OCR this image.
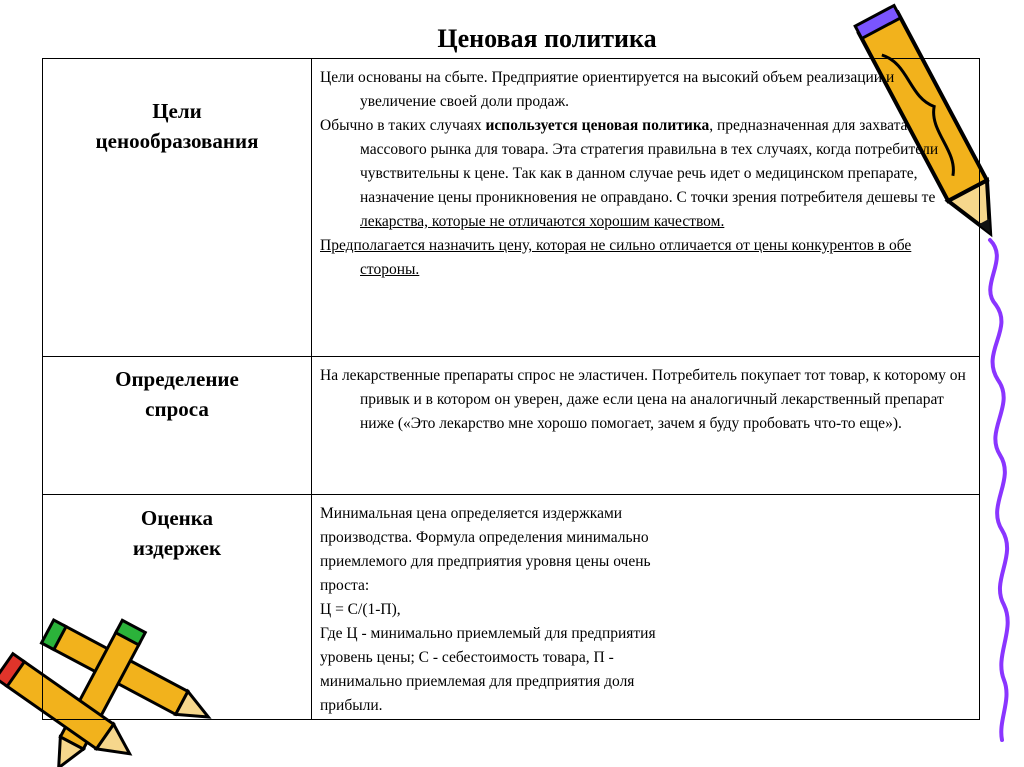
Ценовая политика
Цели
ценообразования

Цели основаны на сбыте. Предприятие ориентируется на высокий объем реализации и увеличение своей доли продаж.

Обычно в таких случаях используется ценовая политика, предназначенная для захвата массового рынка для товара. Эта стратегия правильна в тех случаях, когда потребители чувствительны к цене. Так как в данном случае речь идет о медицинском препарате, назначение цены проникновения не оправдано. С точки зрения потребителя дешевы те лекарства, которые не отличаются хорошим качеством.

Предполагается назначить цену, которая не сильно отличается от цены конкурентов в обе стороны.

Определение
спроса

На лекарственные препараты спрос не эластичен. Потребитель покупает тот товар, к которому он привык и в котором он уверен, даже если цена на аналогичный лекарственный препарат ниже («Это лекарство мне хорошо помогает, зачем я буду пробовать что-то еще»).

Оценка
издержек

Минимальная цена определяется издержками

производства. Формула определения минимально

приемлемого для предприятия уровня цены очень

проста:

Ц = С/(1-П),

Где Ц - минимально приемлемый для предприятия

уровень цены; С - себестоимость товара, П -

минимально приемлемая для предприятия доля

прибыли.
